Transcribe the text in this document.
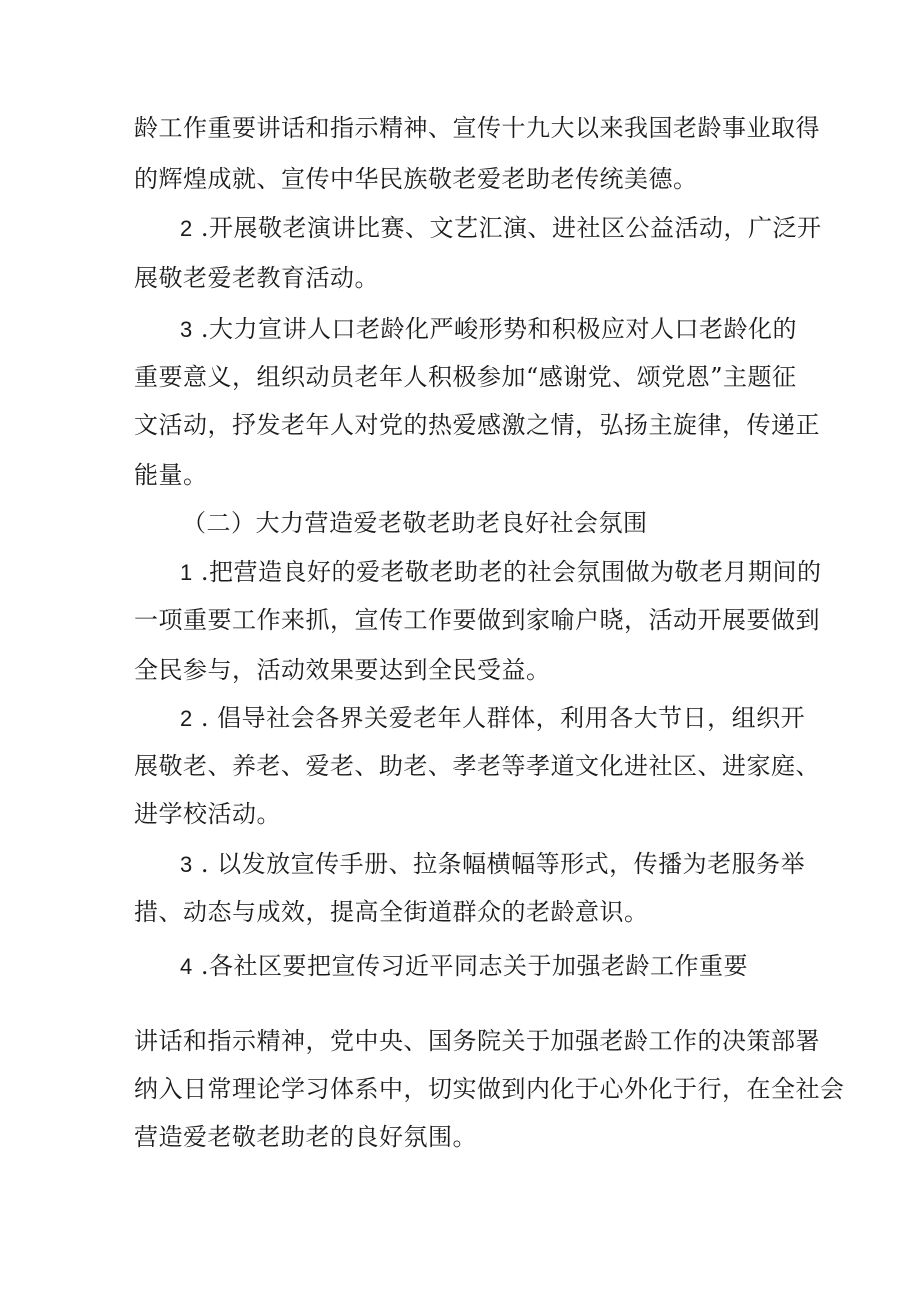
龄工作重要讲话和指示精神、宣传十九大以来我国老龄事业取得
的辉煌成就、宣传中华民族敬老爱老助老传统美德。
2 .开展敬老演讲比赛、文艺汇演、进社区公益活动，广泛开
展敬老爱老教育活动。
3 .大力宣讲人口老龄化严峻形势和积极应对人口老龄化的
重要意义，组织动员老年人积极参加“感谢党、颂党恩”主题征
文活动，抒发老年人对党的热爱感激之情，弘扬主旋律，传递正
能量。
（二）大力营造爱老敬老助老良好社会氛围
1 .把营造良好的爱老敬老助老的社会氛围做为敬老月期间的
一项重要工作来抓，宣传工作要做到家喻户晓，活动开展要做到
全民参与，活动效果要达到全民受益。
2 . 倡导社会各界关爱老年人群体，利用各大节日，组织开
展敬老、养老、爱老、助老、孝老等孝道文化进社区、进家庭、
进学校活动。
3 . 以发放宣传手册、拉条幅横幅等形式，传播为老服务举
措、动态与成效，提高全街道群众的老龄意识。
4 .各社区要把宣传习近平同志关于加强老龄工作重要
讲话和指示精神，党中央、国务院关于加强老龄工作的决策部署
纳入日常理论学习体系中，切实做到内化于心外化于行，在全社会
营造爱老敬老助老的良好氛围。
